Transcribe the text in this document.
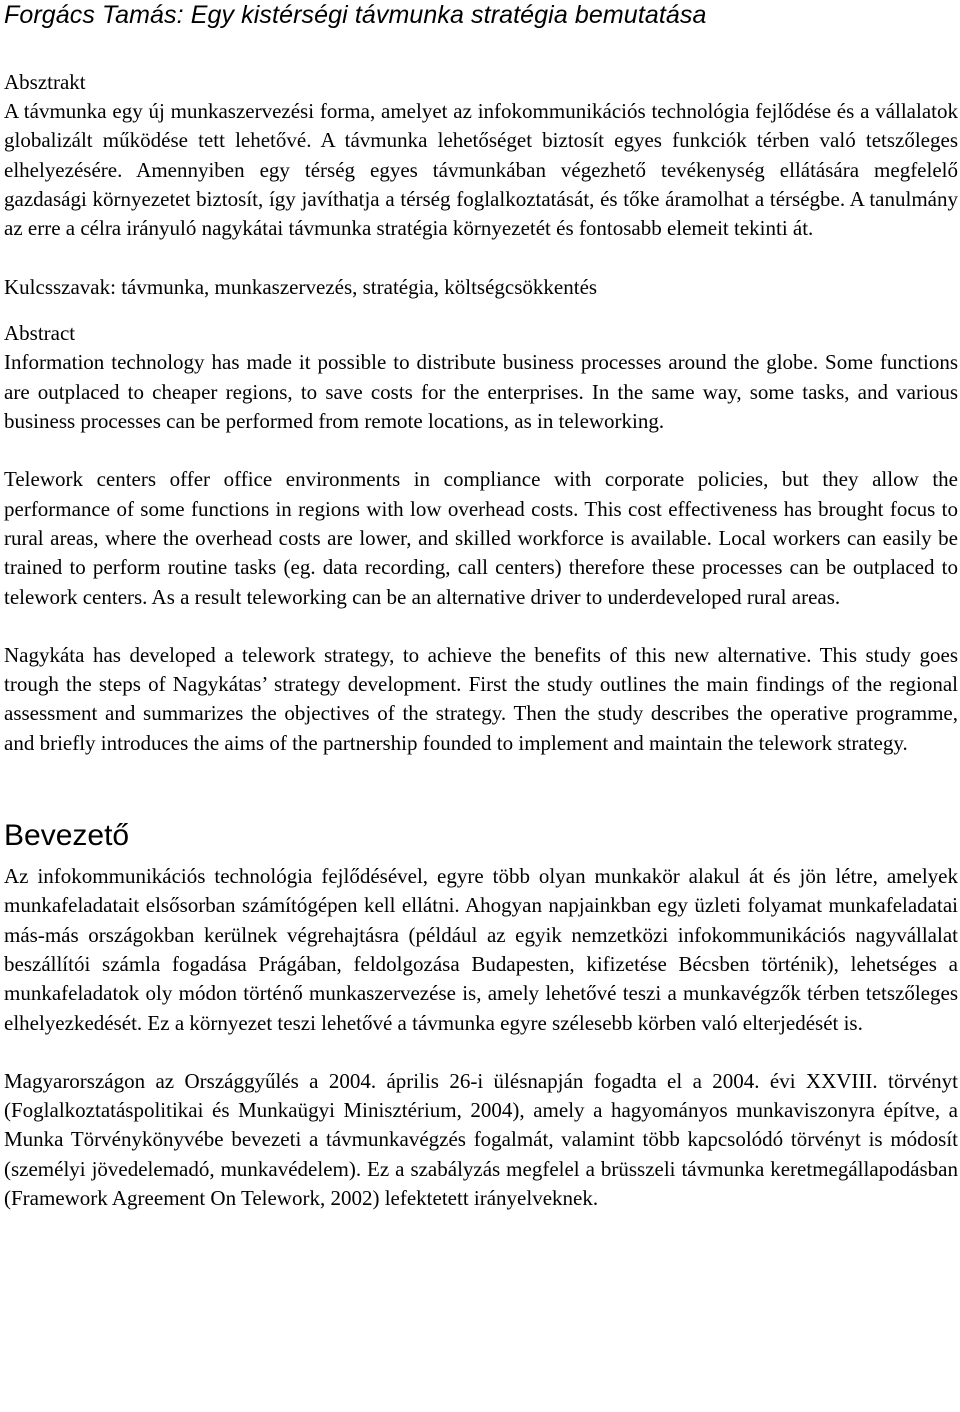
Forgács Tamás: Egy kistérségi távmunka stratégia bemutatása
Absztrakt

A távmunka egy új munkaszervezési forma, amelyet az infokommunikációs technológia fejlődése és a vállalatok globalizált működése tett lehetővé. A távmunka lehetőséget biztosít egyes funkciók térben való tetszőleges elhelyezésére. Amennyiben egy térség egyes távmunkában végezhető tevékenység ellátására megfelelő gazdasági környezetet biztosít, így javíthatja a térség foglalkoztatását, és tőke áramolhat a térségbe. A tanulmány az erre a célra irányuló nagykátai távmunka stratégia környezetét és fontosabb elemeit tekinti át.

Kulcsszavak: távmunka, munkaszervezés, stratégia, költségcsökkentés

Abstract

Information technology has made it possible to distribute business processes around the globe. Some functions are outplaced to cheaper regions, to save costs for the enterprises. In the same way, some tasks, and various business processes can be performed from remote locations, as in teleworking.

Telework centers offer office environments in compliance with corporate policies, but they allow the performance of some functions in regions with low overhead costs. This cost effectiveness has brought focus to rural areas, where the overhead costs are lower, and skilled workforce is available. Local workers can easily be trained to perform routine tasks (eg. data recording, call centers) therefore these processes can be outplaced to telework centers. As a result teleworking can be an alternative driver to underdeveloped rural areas.

Nagykáta has developed a telework strategy, to achieve the benefits of this new alternative. This study goes trough the steps of Nagykátas’ strategy development. First the study outlines the main findings of the regional assessment and summarizes the objectives of the strategy. Then the study describes the operative programme, and briefly introduces the aims of the partnership founded to implement and maintain the telework strategy.

Bevezető

Az infokommunikációs technológia fejlődésével, egyre több olyan munkakör alakul át és jön létre, amelyek munkafeladatait elsősorban számítógépen kell ellátni. Ahogyan napjainkban egy üzleti folyamat munkafeladatai más-más országokban kerülnek végrehajtásra (például az egyik nemzetközi infokommunikációs nagyvállalat beszállítói számla fogadása Prágában, feldolgozása Budapesten, kifizetése Bécsben történik), lehetséges a munkafeladatok oly módon történő munkaszervezése is, amely lehetővé teszi a munkavégzők térben tetszőleges elhelyezkedését. Ez a környezet teszi lehetővé a távmunka egyre szélesebb körben való elterjedését is.

Magyarországon az Országgyűlés a 2004. április 26-i ülésnapján fogadta el a 2004. évi XXVIII. törvényt (Foglalkoztatáspolitikai és Munkaügyi Minisztérium, 2004), amely a hagyományos munkaviszonyra építve, a Munka Törvénykönyvébe bevezeti a távmunkavégzés fogalmát, valamint több kapcsolódó törvényt is módosít (személyi jövedelemadó, munkavédelem). Ez a szabályzás megfelel a brüsszeli távmunka keretmegállapodásban (Framework Agreement On Telework, 2002) lefektetett irányelveknek.
